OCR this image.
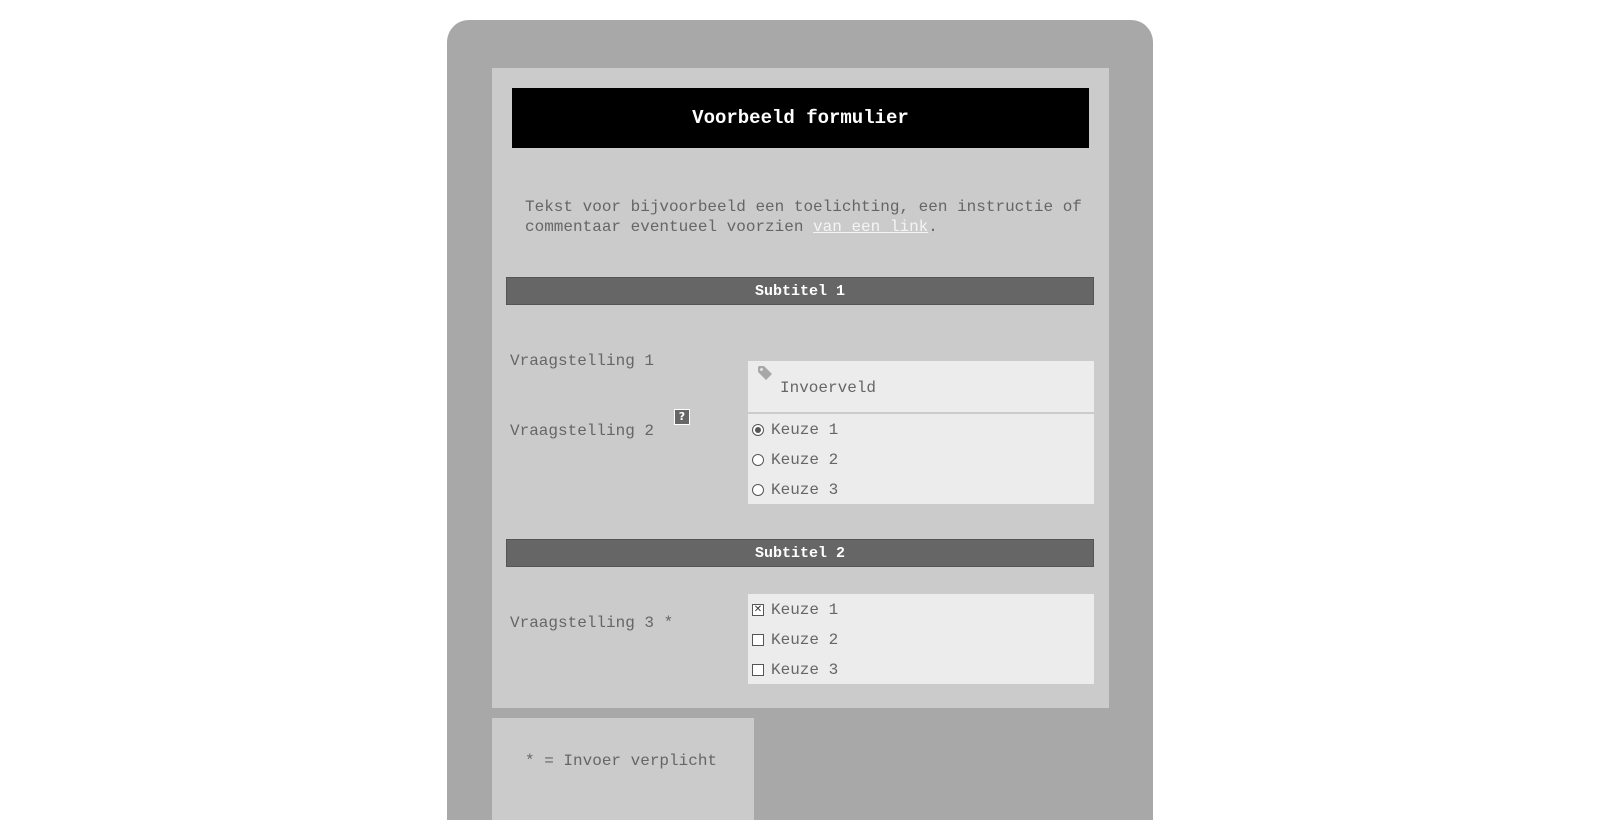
Voorbeeld formulier
Tekst voor bijvoorbeeld een toelichting, een instructie of commentaar eventueel voorzien van een link.
Subtitel 1
Vraagstelling 1
Invoerveld
Vraagstelling 2
?
Keuze 1
Keuze 2
Keuze 3
Subtitel 2
Vraagstelling 3 *
✕ Keuze 1
Keuze 2
Keuze 3
* = Invoer verplicht
